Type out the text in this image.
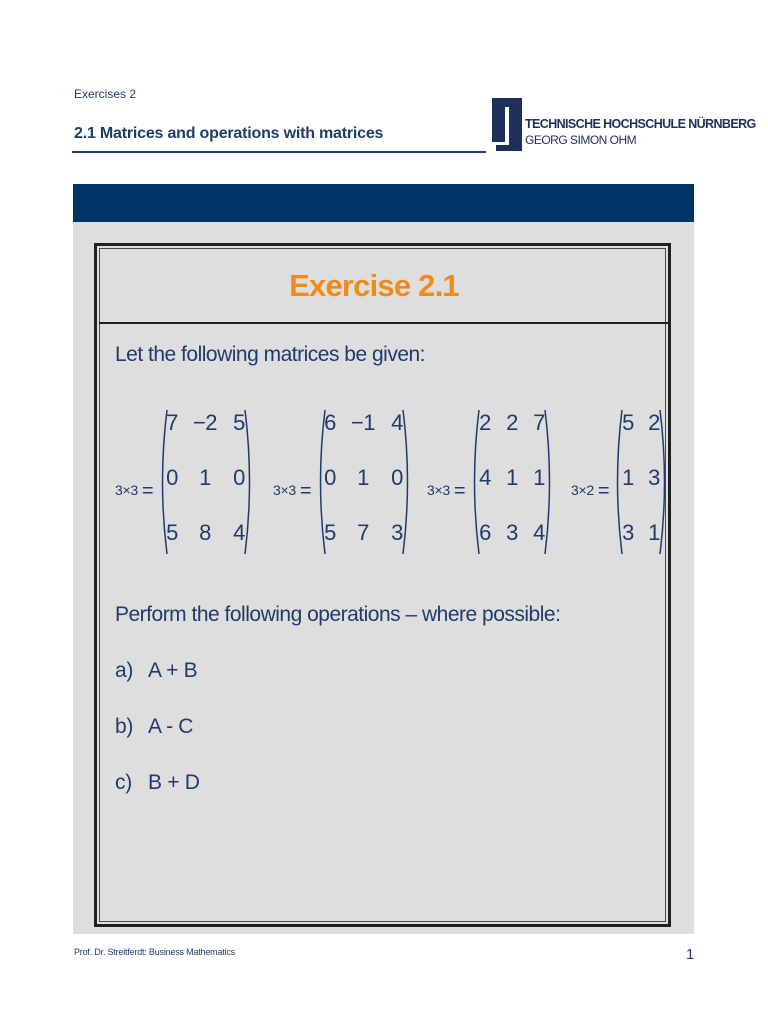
Exercises 2
2.1 Matrices and operations with matrices
TECHNISCHE HOCHSCHULE NÜRNBERG
GEORG SIMON OHM
Exercise 2.1
Let the following matrices be given:
3×3 =	3×3 =	3×3 =	3×2 =
7 −2 5
0 1	0
5 8	4
6 −1 4
0 1	0
5 7	3
2 2 7
4 1 1
6 3 4
5 2
1 3
3 1
Perform the following operations – where possible:
a) A + B
b) A - C
c) B + D
Prof. Dr. Streitferdt: Business Mathematics	1
